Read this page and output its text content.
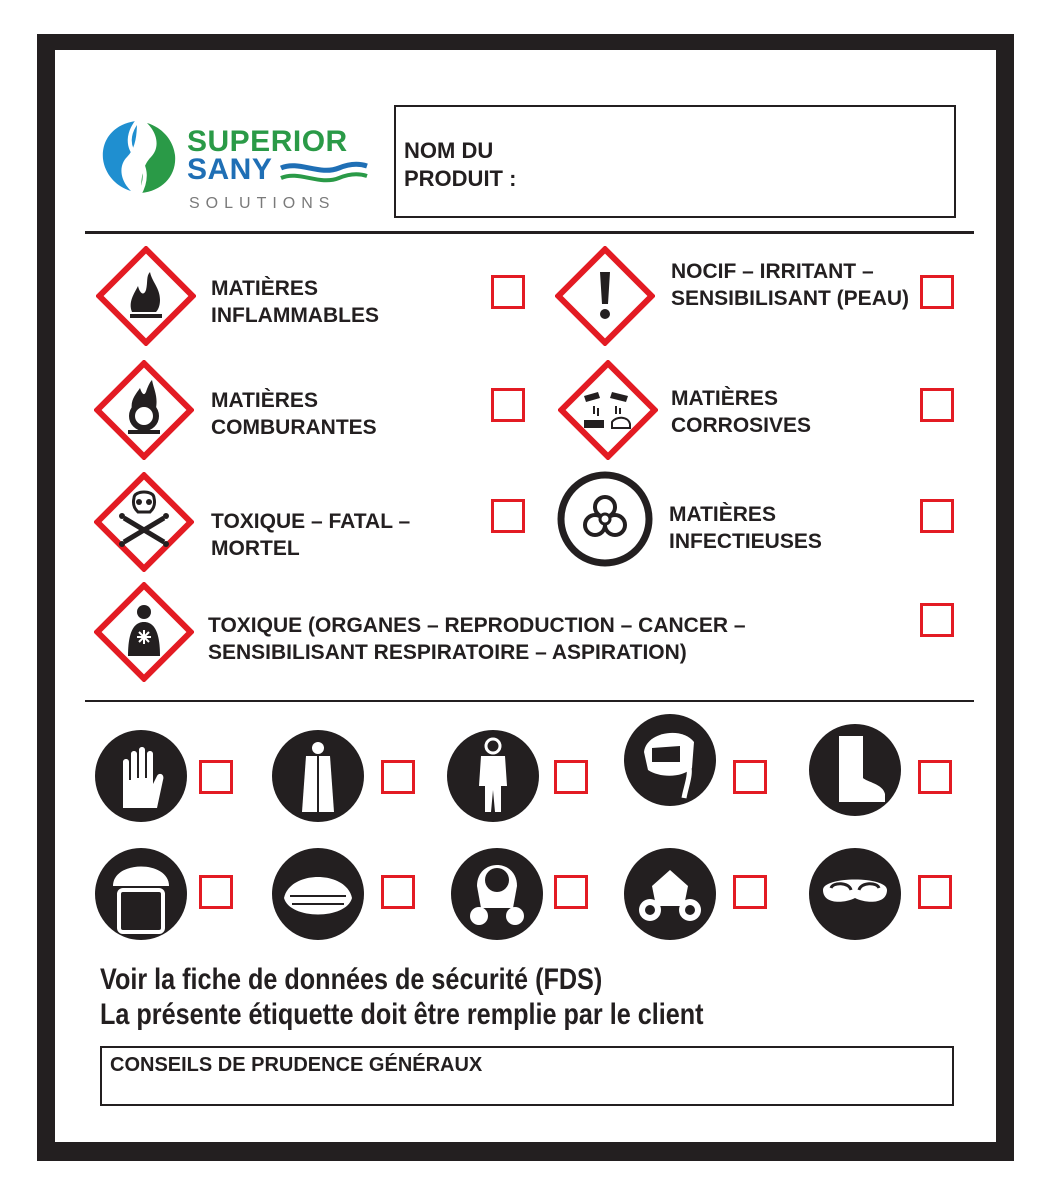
SUPERIOR
SANY
SOLUTIONS
NOM DU PRODUIT :
MATIÈRES INFLAMMABLES
NOCIF – IRRITANT – SENSIBILISANT (PEAU)
MATIÈRES COMBURANTES
MATIÈRES CORROSIVES
TOXIQUE – FATAL – MORTEL
MATIÈRES INFECTIEUSES
TOXIQUE (ORGANES – REPRODUCTION – CANCER – SENSIBILISANT RESPIRATOIRE – ASPIRATION)
Voir la fiche de données de sécurité (FDS)
La présente étiquette doit être remplie par le client
CONSEILS DE PRUDENCE GÉNÉRAUX
